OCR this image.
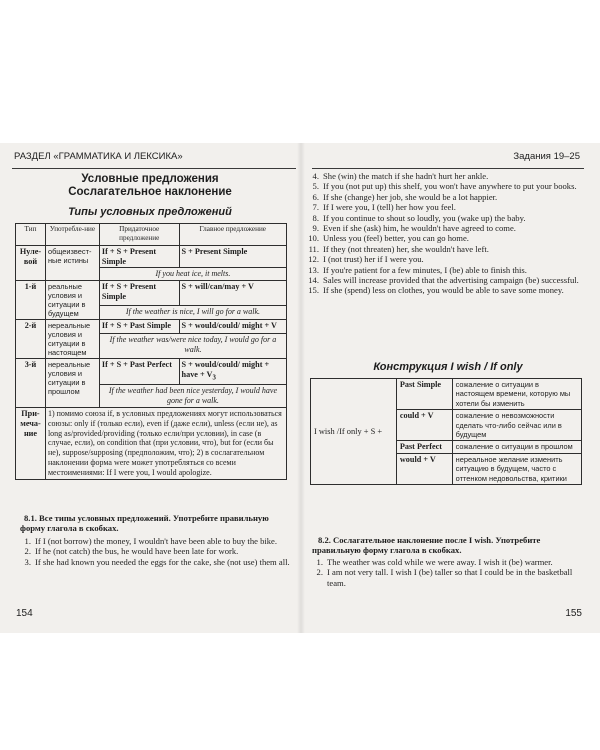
РАЗДЕЛ «ГРАММАТИКА И ЛЕКСИКА»
Условные предложения
Сослагательное наклонение
Типы условных предложений
Тип	Употребле-ние	Придаточное предложение	Главное предложение
Нуле-вой	общеизвест-ные истины	If + S + Present Simple	S + Present Simple
		If you heat ice, it melts.	
1-й	реальные условия и ситуации в будущем	If + S + Present Simple	S + will/can/may + V
		If the weather is nice, I will go for a walk.	
2-й	нереальные условия и ситуации в настоящем	If + S + Past Simple	S + would/could/ might + V
		If the weather was/were nice today, I would go for a walk.	
3-й	нереальные условия и ситуации в прошлом	If + S + Past Perfect	S + would/could/ might + have + $V_3$
		If the weather had been nice yesterday, I would have gone for a walk.	
При-меча-ние	1) помимо союза if, в условных предложениях могут использоваться союзы: only if (только если), even if (даже если), unless (если не), as long as/provided/providing (только если/при условии), in case (в случае, если), on condition that (при условии, что), but for (если бы не), suppose/supposing (предположим, что); 2) в сослагательном наклонении форма were может употребляться со всеми местоимениями: If I were you, I would apologize.		
8.1. Все типы условных предложений. Употребите правильную форму глагола в скобках.
1. If I (not borrow) the money, I wouldn't have been able to buy the bike.
2. If he (not catch) the bus, he would have been late for work.
3. If she had known you needed the eggs for the cake, she (not use) them all.
154
Задания 19–25
4. She (win) the match if she hadn't hurt her ankle.
5. If you (not put up) this shelf, you won't have anywhere to put your books.
6. If she (change) her job, she would be a lot happier.
7. If I were you, I (tell) her how you feel.
8. If you continue to shout so loudly, you (wake up) the baby.
9. Even if she (ask) him, he wouldn't have agreed to come.
10. Unless you (feel) better, you can go home.
11. If they (not threaten) her, she wouldn't have left.
12. I (not trust) her if I were you.
13. If you're patient for a few minutes, I (be) able to finish this.
14. Sales will increase provided that the advertising campaign (be) successful.
15. If she (spend) less on clothes, you would be able to save some money.
Конструкция I wish / If only
I wish /If only + S +	Past Simple	сожаление о ситуации в настоящем времени, которую мы хотели бы изменить
	could + V	сожаление о невозможности сделать что-либо сейчас или в будущем
	Past Perfect	сожаление о ситуации в прошлом
	would + V	нереальное желание изменить ситуацию в будущем, часто с оттенком недовольства, критики
8.2. Сослагательное наклонение после I wish. Употребите правильную форму глагола в скобках.
1. The weather was cold while we were away. I wish it (be) warmer.
2. I am not very tall. I wish I (be) taller so that I could be in the basketball team.
155
